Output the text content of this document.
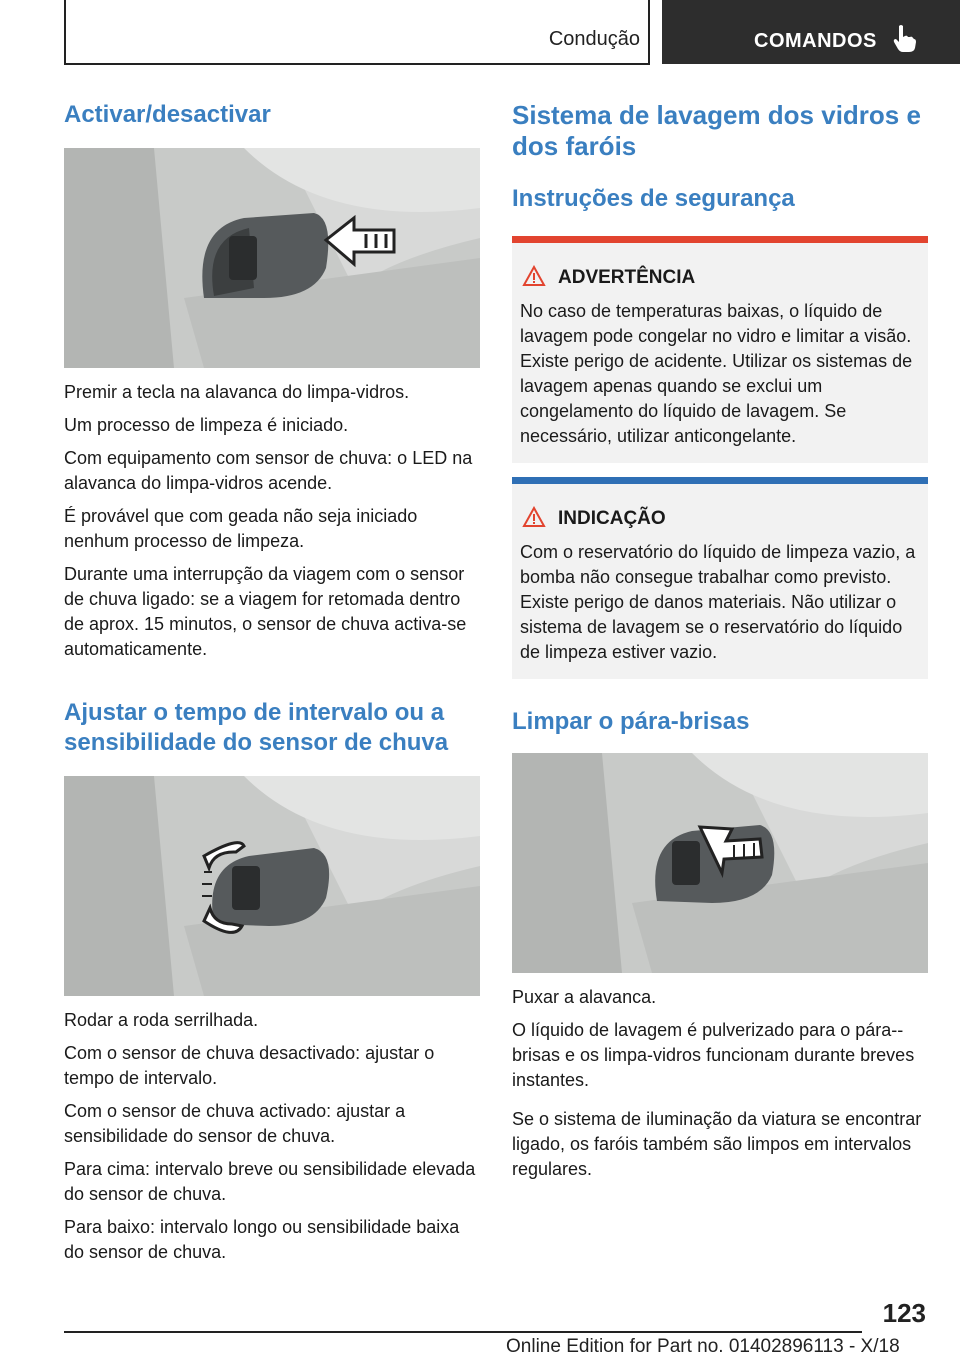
Condução	COMANDOS
Activar/desactivar

Premir a tecla na alavanca do limpa-vidros.

Um processo de limpeza é iniciado.

Com equipamento com sensor de chuva: o LED na alavanca do limpa-vidros acende.

É provável que com geada não seja iniciado nenhum processo de limpeza.

Durante uma interrupção da viagem com o sensor de chuva ligado: se a viagem for retomada dentro de aprox. 15 minutos, o sensor de chuva activa-se automaticamente.

Ajustar o tempo de intervalo ou a sensibilidade do sensor de chuva

Rodar a roda serrilhada.

Com o sensor de chuva desactivado: ajustar o tempo de intervalo.

Com o sensor de chuva activado: ajustar a sensibilidade do sensor de chuva.

Para cima: intervalo breve ou sensibilidade elevada do sensor de chuva.

Para baixo: intervalo longo ou sensibilidade baixa do sensor de chuva.

Sistema de lavagem dos vidros e dos faróis
Instruções de segurança
ADVERTÊNCIA
No caso de temperaturas baixas, o líquido de lavagem pode congelar no vidro e limitar a visão. Existe perigo de acidente. Utilizar os sistemas de lavagem apenas quando se exclui um congelamento do líquido de lavagem. Se necessário, utilizar anticongelante.
INDICAÇÃO
Com o reservatório do líquido de limpeza vazio, a bomba não consegue trabalhar como previsto. Existe perigo de danos materiais. Não utilizar o sistema de lavagem se o reservatório do líquido de limpeza estiver vazio.
Limpar o pára-brisas

Puxar a alavanca.

O líquido de lavagem é pulverizado para o pára--brisas e os limpa-vidros funcionam durante breves instantes.

Se o sistema de iluminação da viatura se encontrar ligado, os faróis também são limpos em intervalos regulares.

123
Online Edition for Part no. 01402896113 - X/18
